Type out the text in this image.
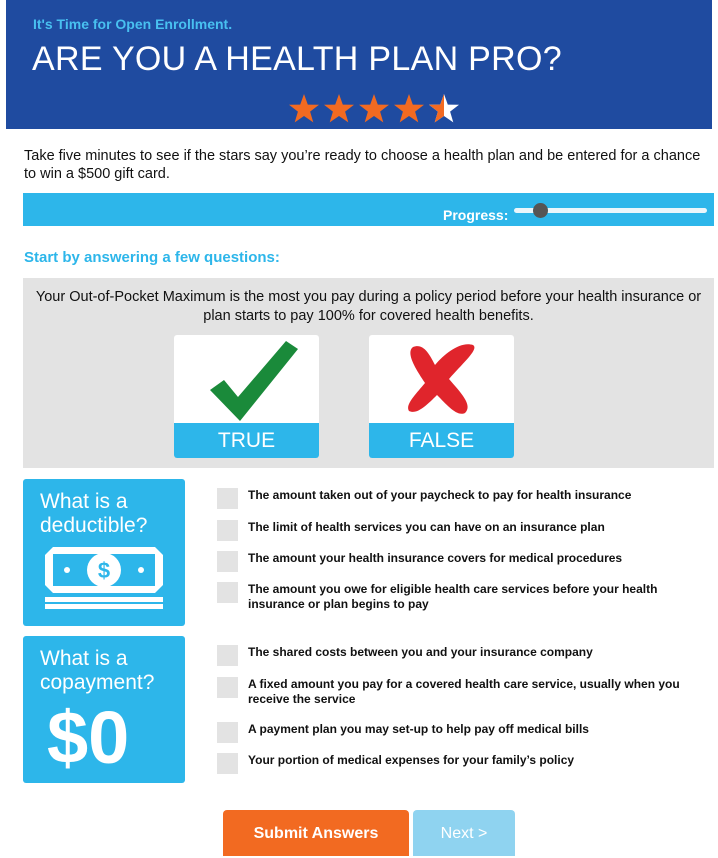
It's Time for Open Enrollment.
ARE YOU A HEALTH PLAN PRO?
Take five minutes to see if the stars say you’re ready to choose a health plan and be entered for a chance to win a $500 gift card.
Progress:
Start by answering a few questions:
Your Out-of-Pocket Maximum is the most you pay during a policy period before your health insurance or plan starts to pay 100% for covered health benefits.
TRUE	FALSE
What is a deductible?
$
The amount taken out of your paycheck to pay for health insurance
The limit of health services you can have on an insurance plan
The amount your health insurance covers for medical procedures
The amount you owe for eligible health care services before your health insurance or plan begins to pay
What is a copayment?
$0
The shared costs between you and your insurance company
A fixed amount you pay for a covered health care service, usually when you receive the service
A payment plan you may set-up to help pay off medical bills
Your portion of medical expenses for your family’s policy
Submit Answers	Next >
